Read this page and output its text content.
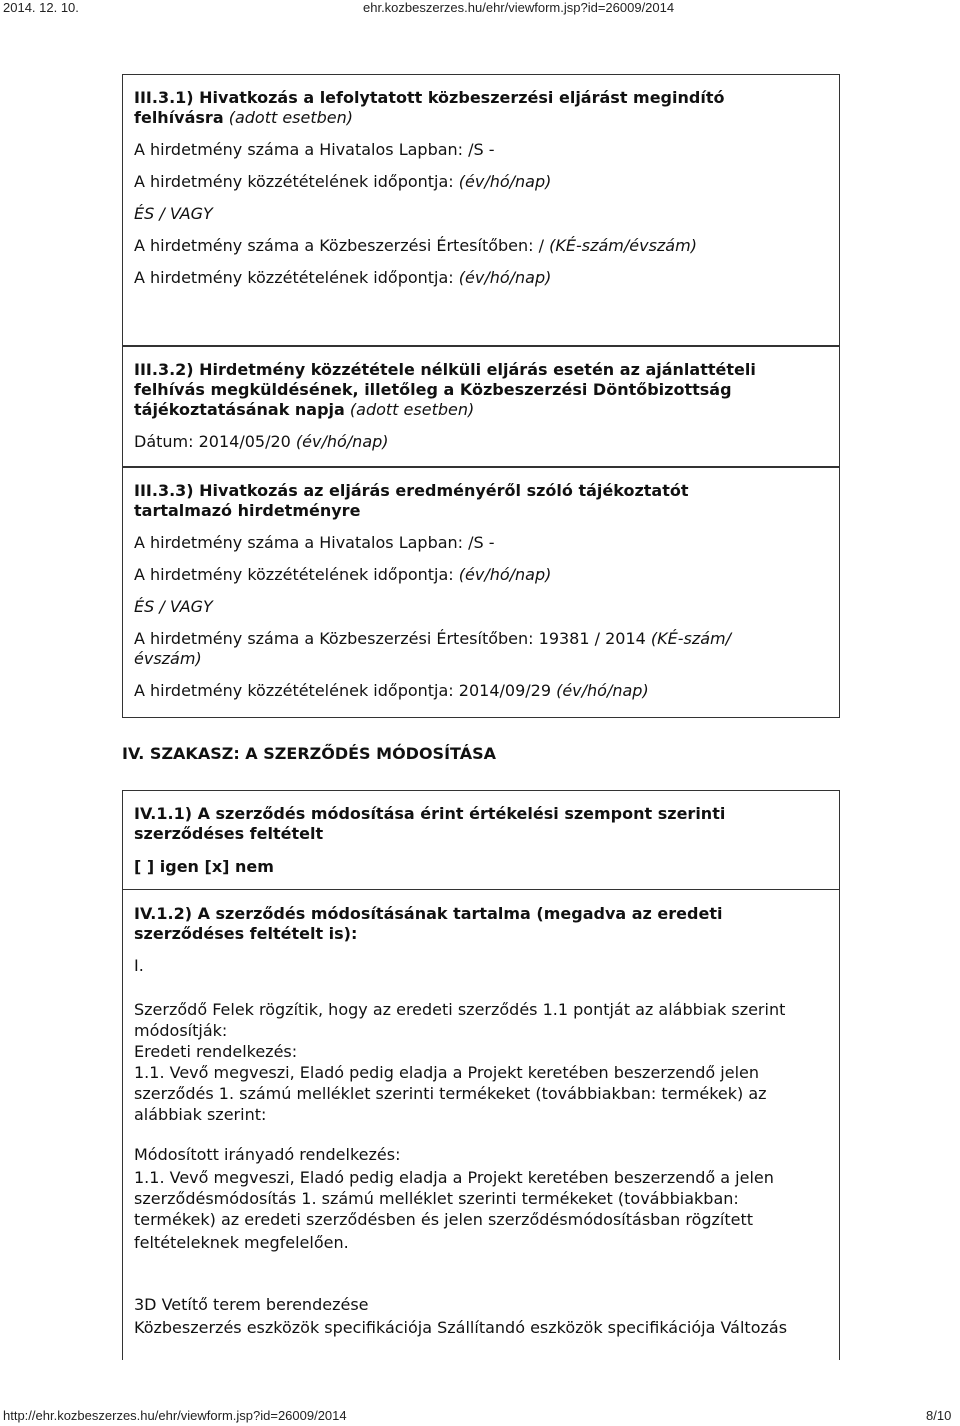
2014. 12. 10.	ehr.kozbeszerzes.hu/ehr/viewform.jsp?id=26009/2014
III.3.1) Hivatkozás a lefolytatott közbeszerzési eljárást megindító
felhívásra (adott esetben)
A hirdetmény száma a Hivatalos Lapban: /S -
A hirdetmény közzétételének időpontja: (év/hó/nap)
ÉS / VAGY
A hirdetmény száma a Közbeszerzési Értesítőben: / (KÉ-szám/évszám)
A hirdetmény közzétételének időpontja: (év/hó/nap)
III.3.2) Hirdetmény közzététele nélküli eljárás esetén az ajánlattételi
felhívás megküldésének, illetőleg a Közbeszerzési Döntőbizottság
tájékoztatásának napja (adott esetben)
Dátum: 2014/05/20 (év/hó/nap)
III.3.3) Hivatkozás az eljárás eredményéről szóló tájékoztatót
tartalmazó hirdetményre
A hirdetmény száma a Hivatalos Lapban: /S -
A hirdetmény közzétételének időpontja: (év/hó/nap)
ÉS / VAGY
A hirdetmény száma a Közbeszerzési Értesítőben: 19381 / 2014 (KÉ-szám/
évszám)
A hirdetmény közzétételének időpontja: 2014/09/29 (év/hó/nap)
IV. SZAKASZ: A SZERZŐDÉS MÓDOSÍTÁSA
IV.1.1) A szerződés módosítása érint értékelési szempont szerinti
szerződéses feltételt
[ ] igen [x] nem
IV.1.2) A szerződés módosításának tartalma (megadva az eredeti
szerződéses feltételt is):
I.
Szerződő Felek rögzítik, hogy az eredeti szerződés 1.1 pontját az alábbiak szerint
módosítják:
Eredeti rendelkezés:
1.1. Vevő megveszi, Eladó pedig eladja a Projekt keretében beszerzendő jelen
szerződés 1. számú melléklet szerinti termékeket (továbbiakban: termékek) az
alábbiak szerint:
Módosított irányadó rendelkezés:
1.1. Vevő megveszi, Eladó pedig eladja a Projekt keretében beszerzendő a jelen
szerződésmódosítás 1. számú melléklet szerinti termékeket (továbbiakban:
termékek) az eredeti szerződésben és jelen szerződésmódosításban rögzített
feltételeknek megfelelően.
3D Vetítő terem berendezése
Közbeszerzés eszközök specifikációja Szállítandó eszközök specifikációja Változás
http://ehr.kozbeszerzes.hu/ehr/viewform.jsp?id=26009/2014	8/10
